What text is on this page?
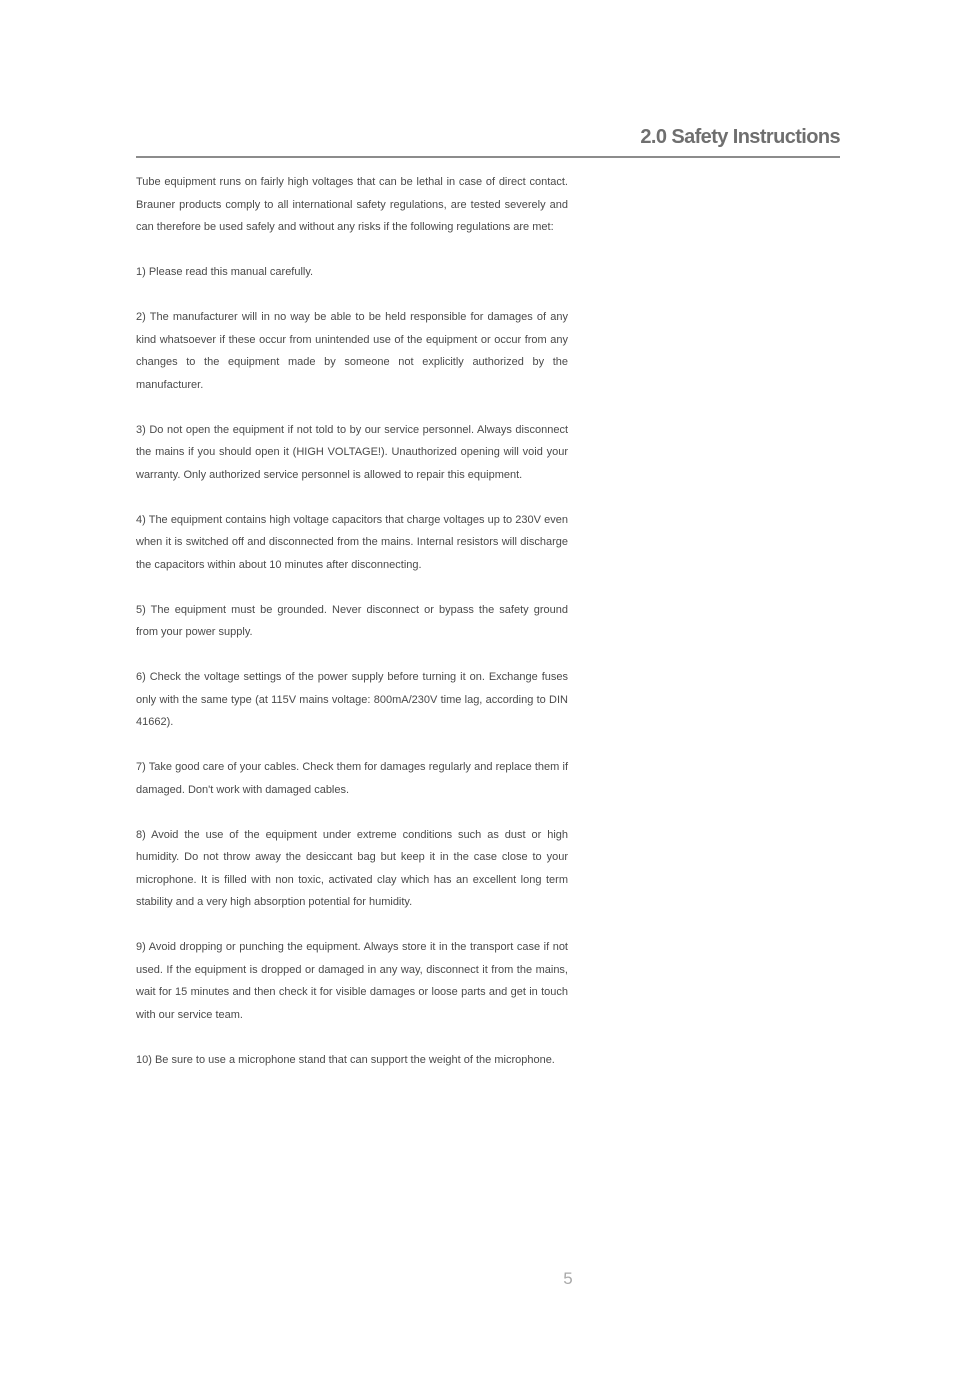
2.0 Safety Instructions

Tube equipment runs on fairly high voltages that can be lethal in case of direct contact. Brauner products comply to all international safety regulations, are tested severely and can therefore be used safely and without any risks if the following regulations are met:

1) Please read this manual carefully.

2) The manufacturer will in no way be able to be held responsible for damages of any kind whatsoever if these occur from unintended use of the equipment or occur from any changes to the equipment made by someone not explicitly authorized by the manufacturer.

3) Do not open the equipment if not told to by our service personnel. Always disconnect the mains if you should open it (HIGH VOLTAGE!). Unauthorized opening will void your warranty. Only authorized service personnel is allowed to repair this equipment.

4) The equipment contains high voltage capacitors that charge voltages up to 230V even when it is switched off and disconnected from the mains. Internal resistors will discharge the capacitors within about 10 minutes after disconnecting.

5) The equipment must be grounded. Never disconnect or bypass the safety ground from your power supply.

6) Check the voltage settings of the power supply before turning it on. Exchange fuses only with the same type (at 115V mains voltage: 800mA/230V time lag, according to DIN 41662).

7) Take good care of your cables. Check them for damages regularly and replace them if damaged. Don't work with damaged cables.

8) Avoid the use of the equipment under extreme conditions such as dust or high humidity. Do not throw away the desiccant bag but keep it in the case close to your microphone. It is filled with non toxic, activated clay which has an excellent long term stability and a very high absorption potential for humidity.

9) Avoid dropping or punching the equipment. Always store it in the transport case if not used. If the equipment is dropped or damaged in any way, disconnect it from the mains, wait for 15 minutes and then check it for visible damages or loose parts and get in touch with our service team.

10) Be sure to use a microphone stand that can support the weight of the microphone.

5
